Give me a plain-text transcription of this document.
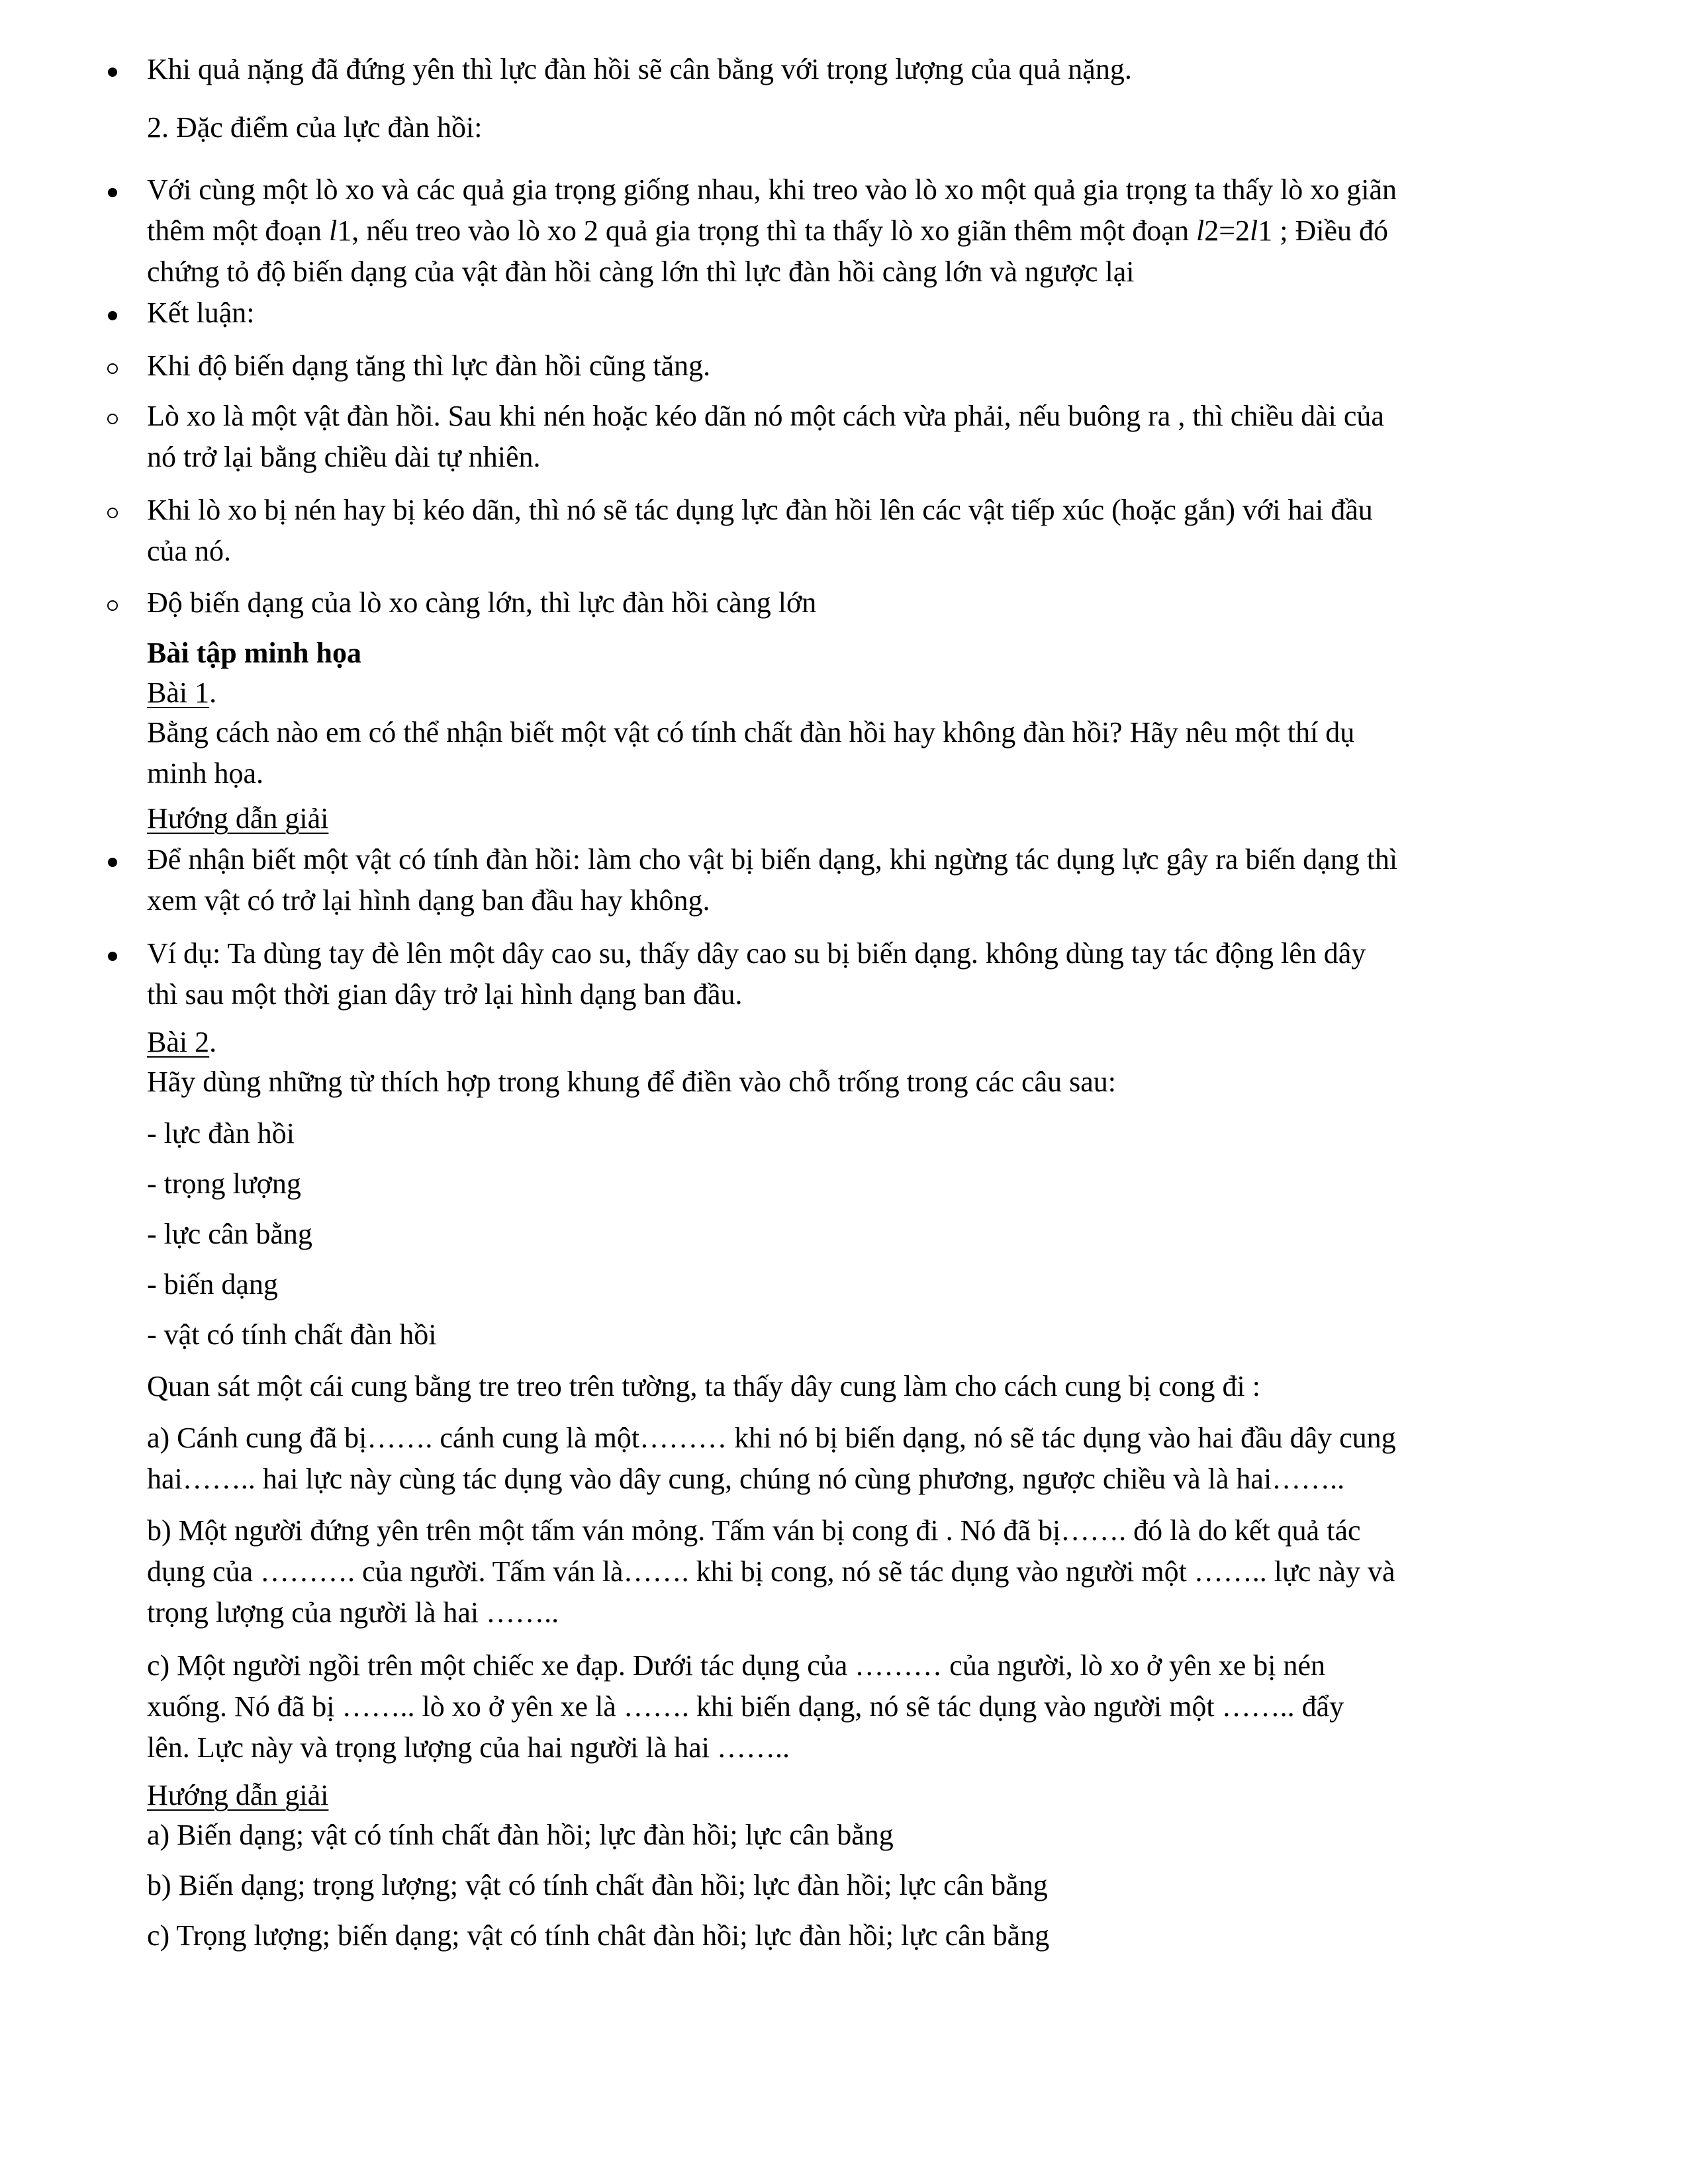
Khi quả nặng đã đứng yên thì lực đàn hồi sẽ cân bằng với trọng lượng của quả nặng.
2. Đặc điểm của lực đàn hồi:
Với cùng một lò xo và các quả gia trọng giống nhau, khi treo vào lò xo một quả gia trọng ta thấy lò xo giãn
thêm một đoạn l1, nếu treo vào lò xo 2 quả gia trọng thì ta thấy lò xo giãn thêm một đoạn l2=2l1 ; Điều đó
chứng tỏ độ biến dạng của vật đàn hồi càng lớn thì lực đàn hồi càng lớn và ngược lại
Kết luận:
Khi độ biến dạng tăng thì lực đàn hồi cũng tăng.
Lò xo là một vật đàn hồi. Sau khi nén hoặc kéo dãn nó một cách vừa phải, nếu buông ra , thì chiều dài của
nó trở lại bằng chiều dài tự nhiên.
Khi lò xo bị nén hay bị kéo dãn, thì nó sẽ tác dụng lực đàn hồi lên các vật tiếp xúc (hoặc gắn) với hai đầu
của nó.
Độ biến dạng của lò xo càng lớn, thì lực đàn hồi càng lớn
Bài tập minh họa
Bài 1.
Bằng cách nào em có thể nhận biết một vật có tính chất đàn hồi hay không đàn hồi? Hãy nêu một thí dụ
minh họa.
Hướng dẫn giải
Để nhận biết một vật có tính đàn hồi: làm cho vật bị biến dạng, khi ngừng tác dụng lực gây ra biến dạng thì
xem vật có trở lại hình dạng ban đầu hay không.
Ví dụ: Ta dùng tay đè lên một dây cao su, thấy dây cao su bị biến dạng. không dùng tay tác động lên dây
thì sau một thời gian dây trở lại hình dạng ban đầu.
Bài 2.
Hãy dùng những từ thích hợp trong khung để điền vào chỗ trống trong các câu sau:
- lực đàn hồi
- trọng lượng
- lực cân bằng
- biến dạng
- vật có tính chất đàn hồi
Quan sát một cái cung bằng tre treo trên tường, ta thấy dây cung làm cho cách cung bị cong đi :
a) Cánh cung đã bị……. cánh cung là một……… khi nó bị biến dạng, nó sẽ tác dụng vào hai đầu dây cung
hai…….. hai lực này cùng tác dụng vào dây cung, chúng nó cùng phương, ngược chiều và là hai……..
b) Một người đứng yên trên một tấm ván mỏng. Tấm ván bị cong đi . Nó đã bị……. đó là do kết quả tác
dụng của ………. của người. Tấm ván là……. khi bị cong, nó sẽ tác dụng vào người một …….. lực này và
trọng lượng của người là hai ……..
c) Một người ngồi trên một chiếc xe đạp. Dưới tác dụng của ……… của người, lò xo ở yên xe bị nén
xuống. Nó đã bị …….. lò xo ở yên xe là ……. khi biến dạng, nó sẽ tác dụng vào người một …….. đẩy
lên. Lực này và trọng lượng của hai người là hai ……..
Hướng dẫn giải
a) Biến dạng; vật có tính chất đàn hồi; lực đàn hồi; lực cân bằng
b) Biến dạng; trọng lượng; vật có tính chất đàn hồi; lực đàn hồi; lực cân bằng
c) Trọng lượng; biến dạng; vật có tính chât đàn hồi; lực đàn hồi; lực cân bằng
